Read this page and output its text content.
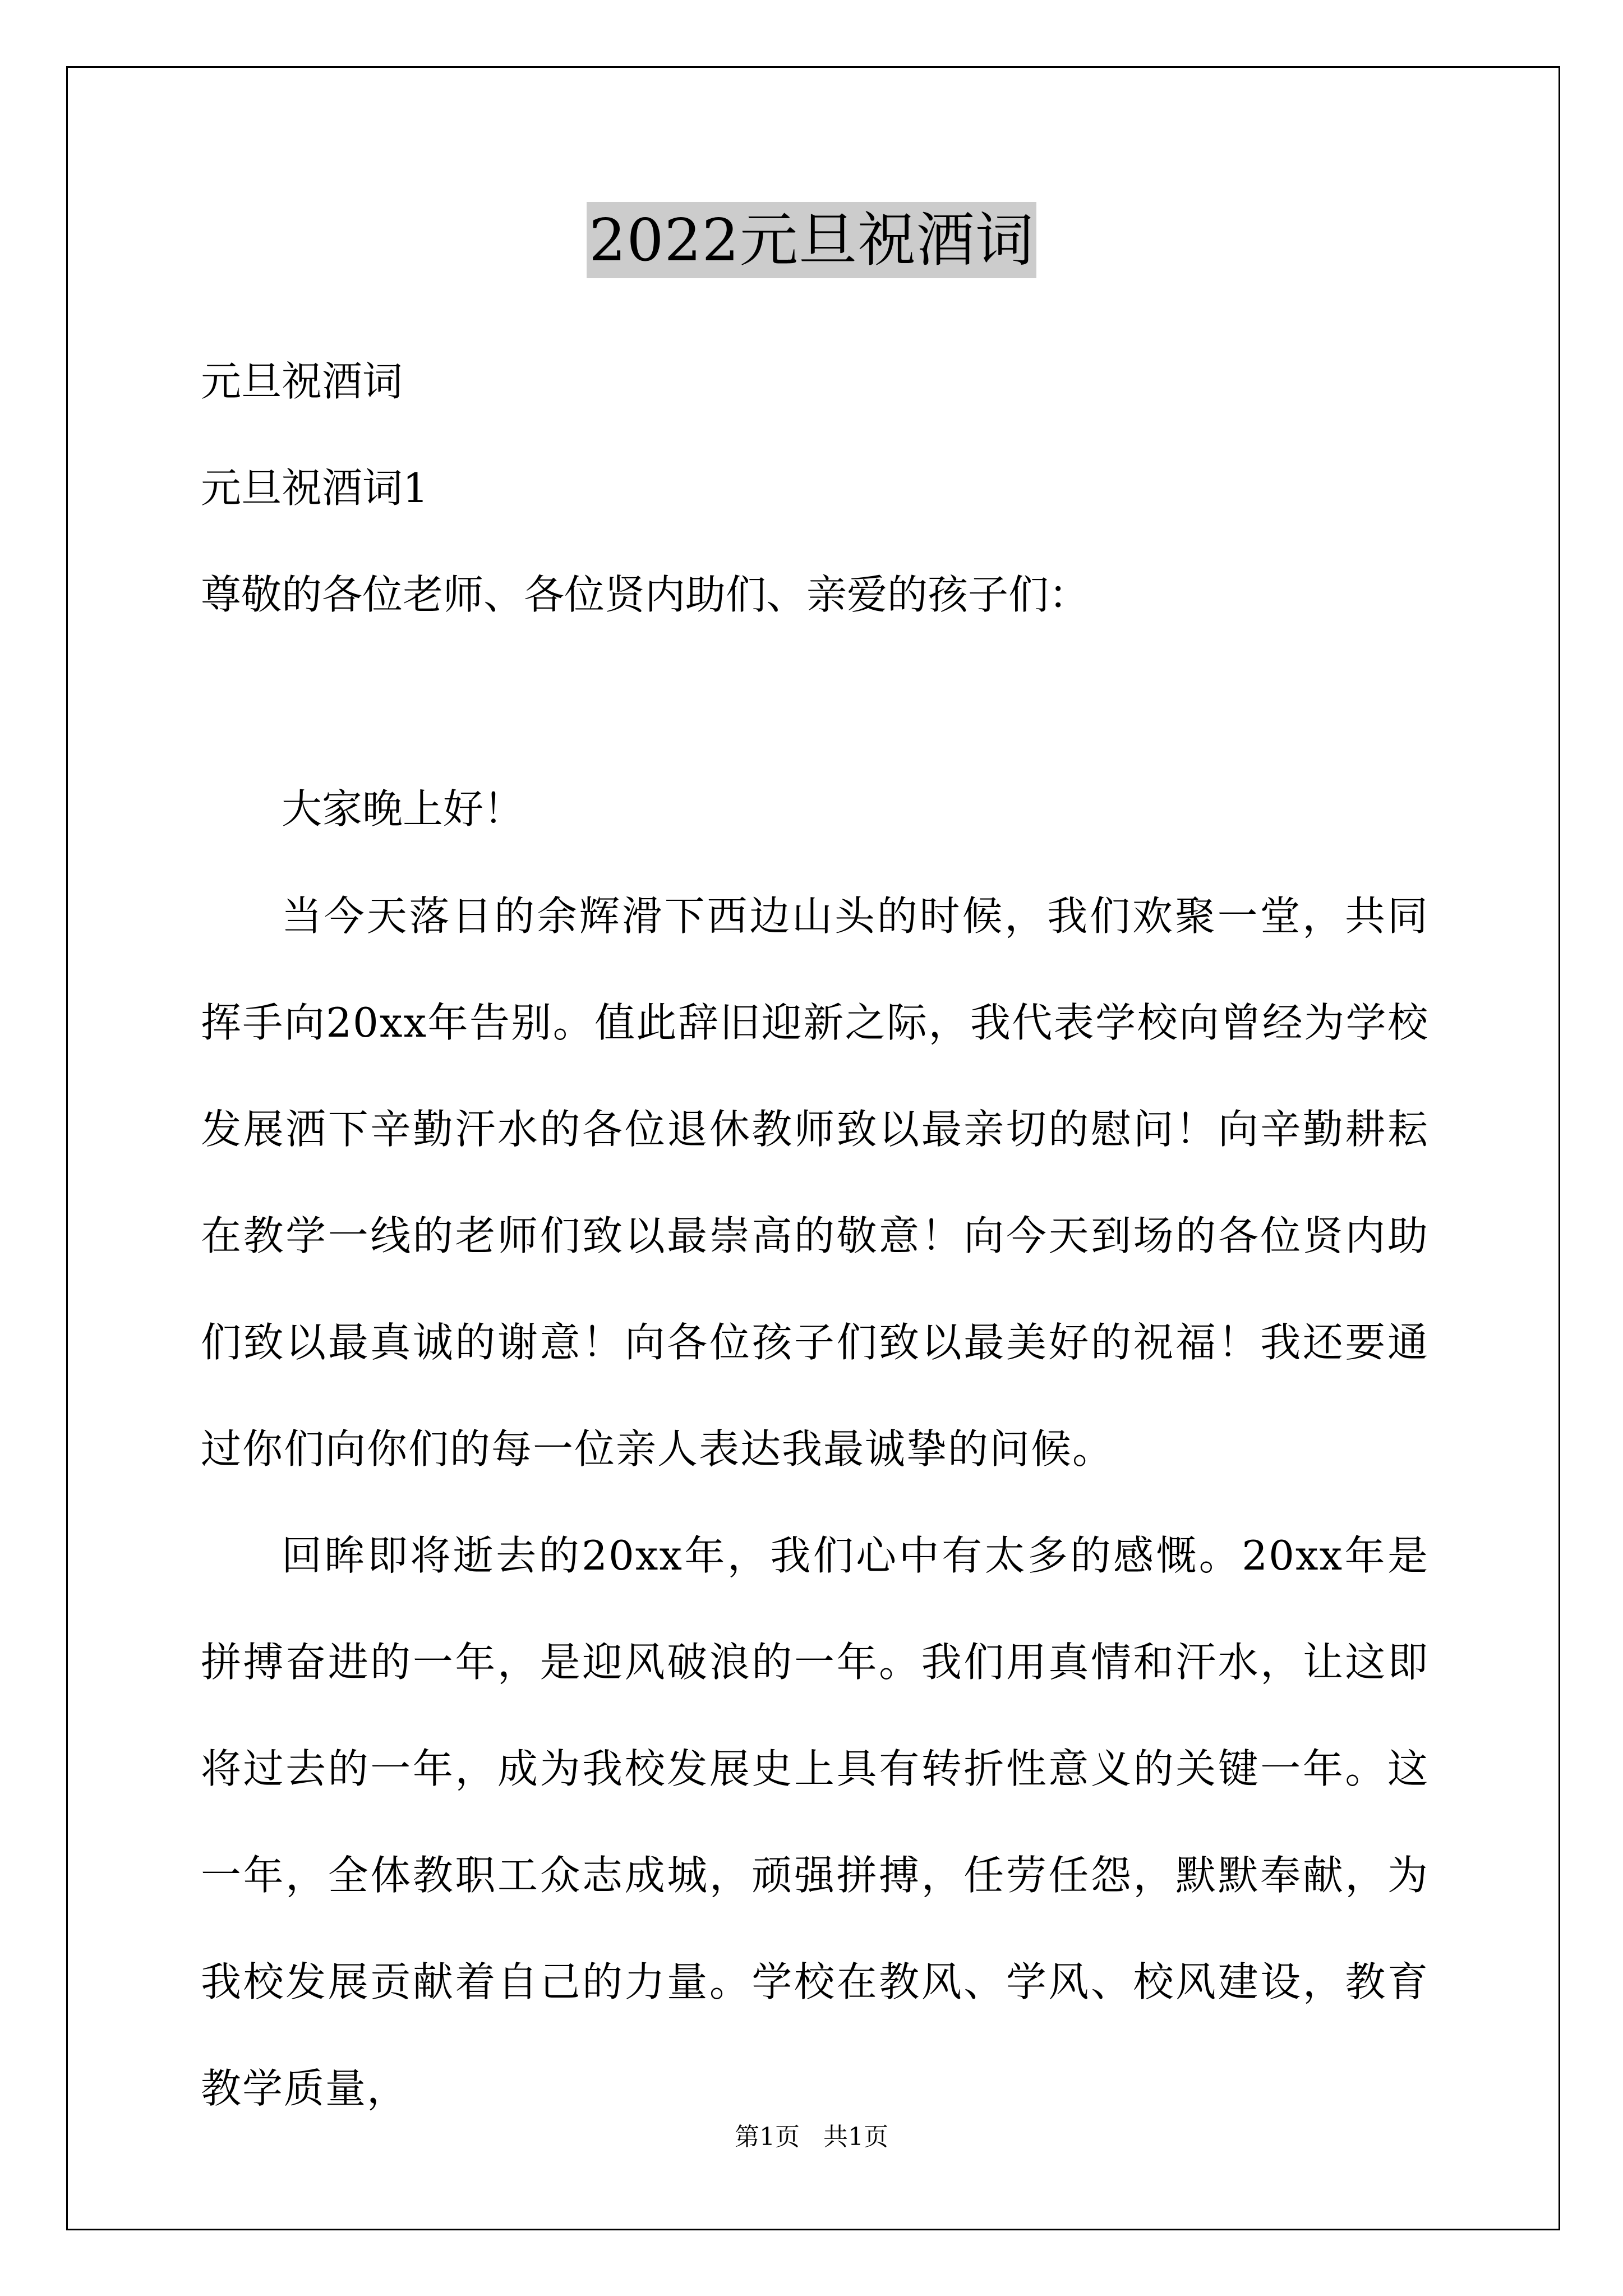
2022元旦祝酒词
元旦祝酒词
元旦祝酒词1
尊敬的各位老师、各位贤内助们、亲爱的孩子们：
大家晚上好！

当今天落日的余辉滑下西边山头的时候，我们欢聚一堂，共同挥手向20xx年告别。值此辞旧迎新之际，我代表学校向曾经为学校发展洒下辛勤汗水的各位退休教师致以最亲切的慰问！向辛勤耕耘在教学一线的老师们致以最崇高的敬意！向今天到场的各位贤内助们致以最真诚的谢意！向各位孩子们致以最美好的祝福！我还要通过你们向你们的每一位亲人表达我最诚挚的问候。

回眸即将逝去的20xx年，我们心中有太多的感慨。20xx年是拼搏奋进的一年，是迎风破浪的一年。我们用真情和汗水，让这即将过去的一年，成为我校发展史上具有转折性意义的关键一年。这一年，全体教职工众志成城，顽强拼搏，任劳任怨，默默奉献，为我校发展贡献着自己的力量。学校在教风、学风、校风建设，教育教学质量，

第1页   共1页
